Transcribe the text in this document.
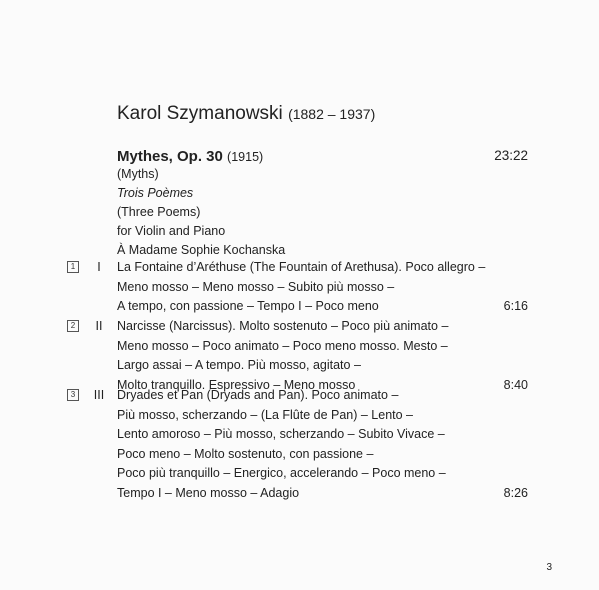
Karol Szymanowski (1882 – 1937)
Mythes, Op. 30 (1915)	23:22
(Myths)
Trois Poèmes
(Three Poems)
for Violin and Piano
À Madame Sophie Kochanska
1	I	La Fontaine d’Aréthuse (The Fountain of Arethusa). Poco allegro –
Meno mosso – Meno mosso – Subito più mosso –
A tempo, con passione – Tempo I – Poco meno	6:16
2	II	Narcisse (Narcissus). Molto sostenuto – Poco più animato –
Meno mosso – Poco animato – Poco meno mosso. Mesto –
Largo assai – A tempo. Più mosso, agitato –
Molto tranquillo. Espressivo – Meno mosso	8:40
3	III	Dryades et Pan (Dryads and Pan). Poco animato –
Più mosso, scherzando – (La Flûte de Pan) – Lento –
Lento amoroso – Più mosso, scherzando – Subito Vivace –
Poco meno – Molto sostenuto, con passione –
Poco più tranquillo – Energico, accelerando – Poco meno –
Tempo I – Meno mosso – Adagio	8:26
3
